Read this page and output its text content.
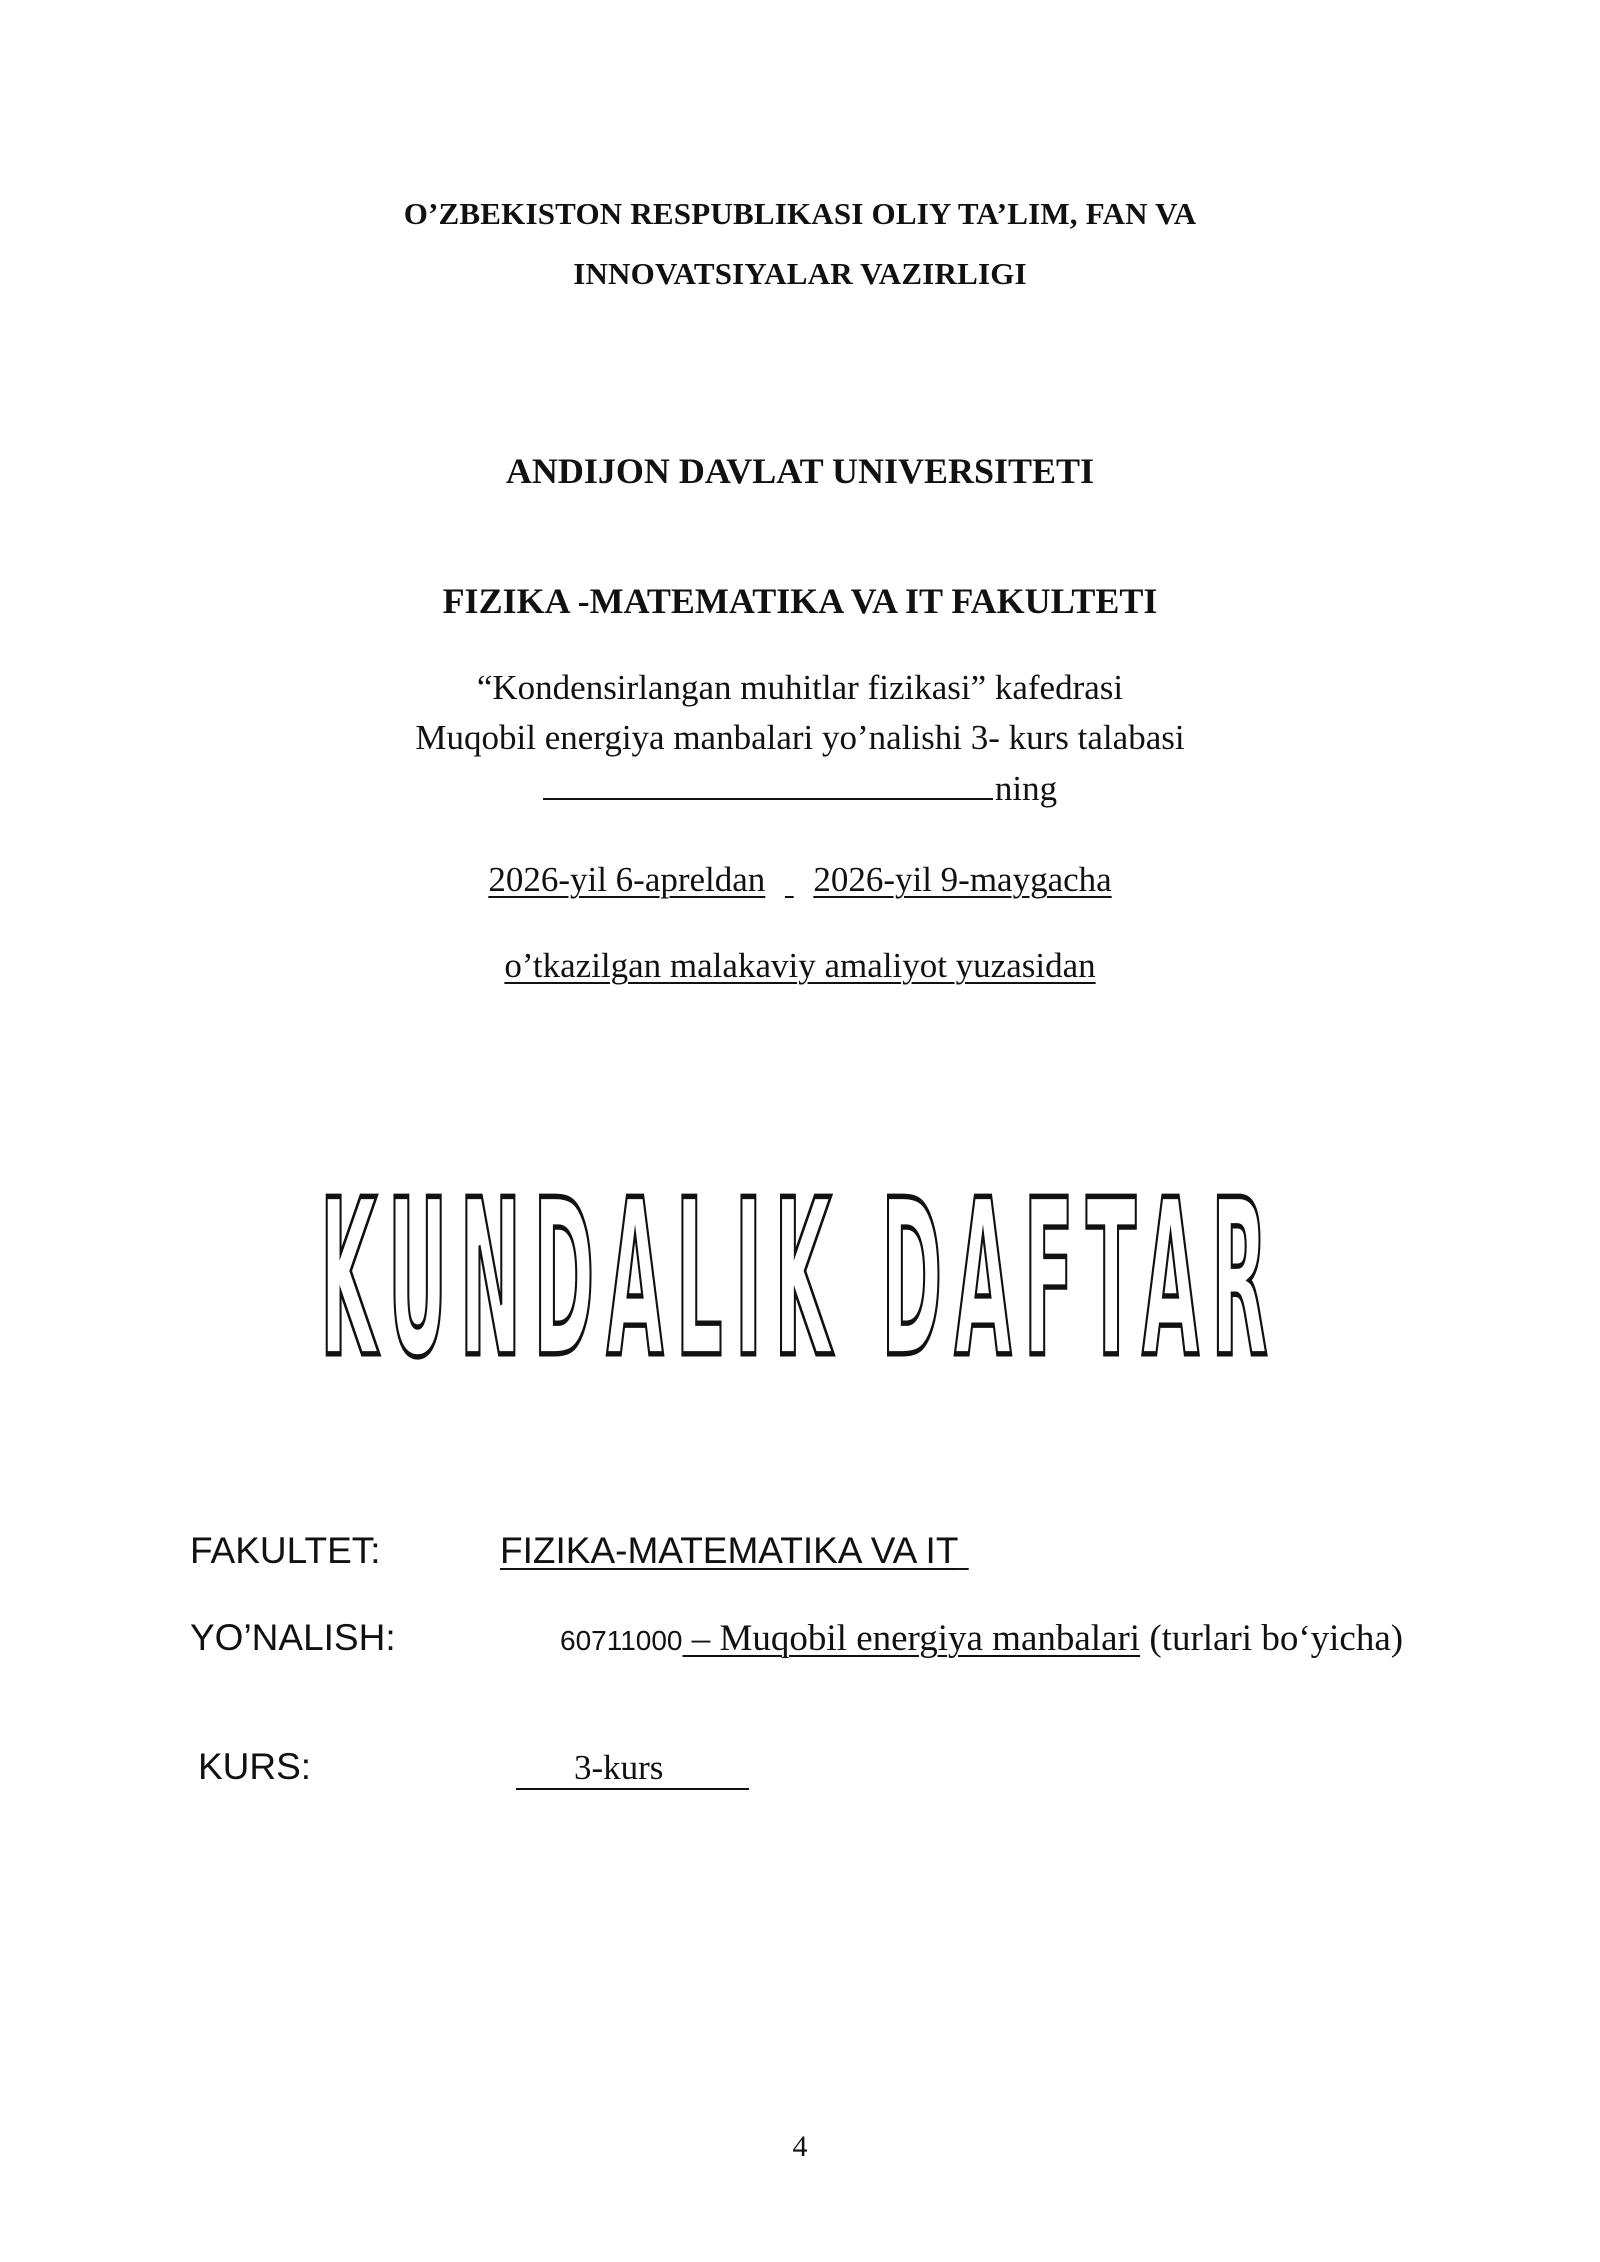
O’ZBEKISTON RESPUBLIKASI OLIY TA’LIM, FAN VA
INNOVATSIYALAR VAZIRLIGI
ANDIJON DAVLAT UNIVERSITETI
FIZIKA -MATEMATIKA VA IT FAKULTETI
“Kondensirlangan muhitlar fizikasi” kafedrasi
Muqobil energiya manbalari yo’nalishi 3- kurs talabasi
ning
2026-yil 6-apreldan 2026-yil 9-maygacha
o’tkazilgan malakaviy amaliyot yuzasidan
KUNDALIK DAFTAR
FAKULTET:	FIZIKA-MATEMATIKA VA IT
YO’NALISH:	60711000 – Muqobil energiya manbalari (turlari bo‘yicha)
KURS:	3-kurs
4
